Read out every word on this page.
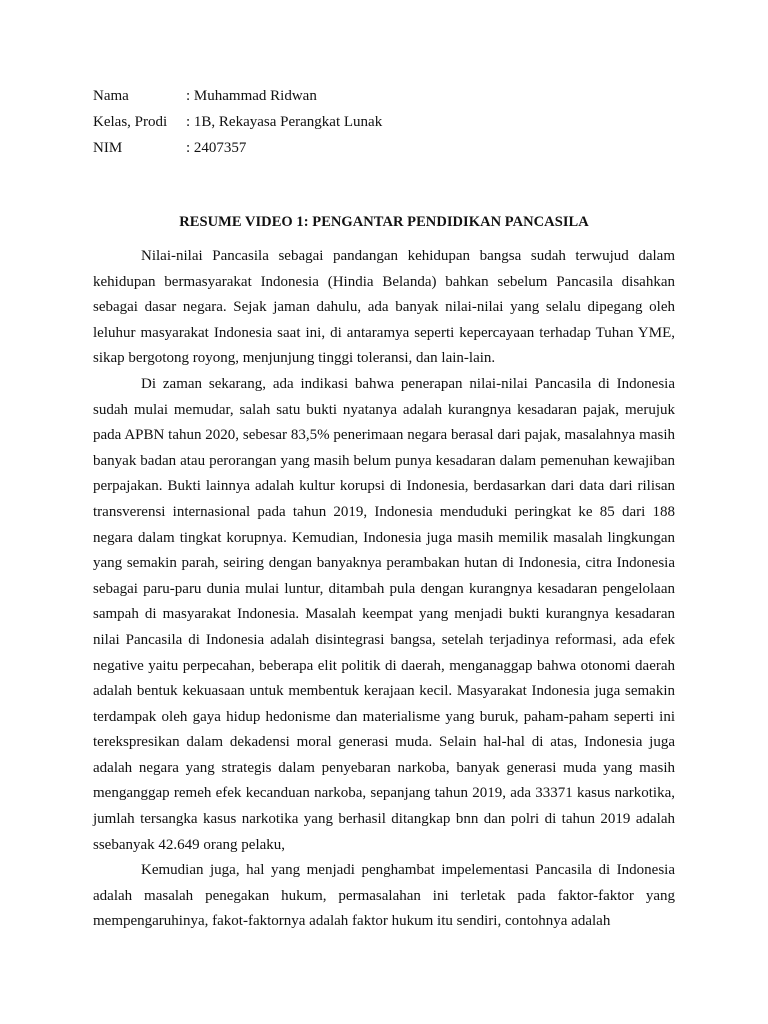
Nama	: Muhammad Ridwan
Kelas, Prodi	: 1B, Rekayasa Perangkat Lunak
NIM	: 2407357
RESUME VIDEO 1: PENGANTAR PENDIDIKAN PANCASILA

Nilai-nilai Pancasila sebagai pandangan kehidupan bangsa sudah terwujud dalam kehidupan bermasyarakat Indonesia (Hindia Belanda) bahkan sebelum Pancasila disahkan sebagai dasar negara. Sejak jaman dahulu, ada banyak nilai-nilai yang selalu dipegang oleh leluhur masyarakat Indonesia saat ini, di antaramya seperti kepercayaan terhadap Tuhan YME, sikap bergotong royong, menjunjung tinggi toleransi, dan lain-lain.

Di zaman sekarang, ada indikasi bahwa penerapan nilai-nilai Pancasila di Indonesia sudah mulai memudar, salah satu bukti nyatanya adalah kurangnya kesadaran pajak, merujuk pada APBN tahun 2020, sebesar 83,5% penerimaan negara berasal dari pajak, masalahnya masih banyak badan atau perorangan yang masih belum punya kesadaran dalam pemenuhan kewajiban perpajakan. Bukti lainnya adalah kultur korupsi di Indonesia, berdasarkan dari data dari rilisan transverensi internasional pada tahun 2019, Indonesia menduduki peringkat ke 85 dari 188 negara dalam tingkat korupnya. Kemudian, Indonesia juga masih memilik masalah lingkungan yang semakin parah, seiring dengan banyaknya perambakan hutan di Indonesia, citra Indonesia sebagai paru-paru dunia mulai luntur, ditambah pula dengan kurangnya kesadaran pengelolaan sampah di masyarakat Indonesia. Masalah keempat yang menjadi bukti kurangnya kesadaran nilai Pancasila di Indonesia adalah disintegrasi bangsa, setelah terjadinya reformasi, ada efek negative yaitu perpecahan, beberapa elit politik di daerah, menganaggap bahwa otonomi daerah adalah bentuk kekuasaan untuk membentuk kerajaan kecil. Masyarakat Indonesia juga semakin terdampak oleh gaya hidup hedonisme dan materialisme yang buruk, paham-paham seperti ini terekspresikan dalam dekadensi moral generasi muda. Selain hal-hal di atas, Indonesia juga adalah negara yang strategis dalam penyebaran narkoba, banyak generasi muda yang masih menganggap remeh efek kecanduan narkoba, sepanjang tahun 2019, ada 33371 kasus narkotika, jumlah tersangka kasus narkotika yang berhasil ditangkap bnn dan polri di tahun 2019 adalah ssebanyak 42.649 orang pelaku,

Kemudian juga, hal yang menjadi penghambat impelementasi Pancasila di Indonesia adalah masalah penegakan hukum, permasalahan ini terletak pada faktor-faktor yang mempengaruhinya, fakot-faktornya adalah faktor hukum itu sendiri, contohnya adalah
